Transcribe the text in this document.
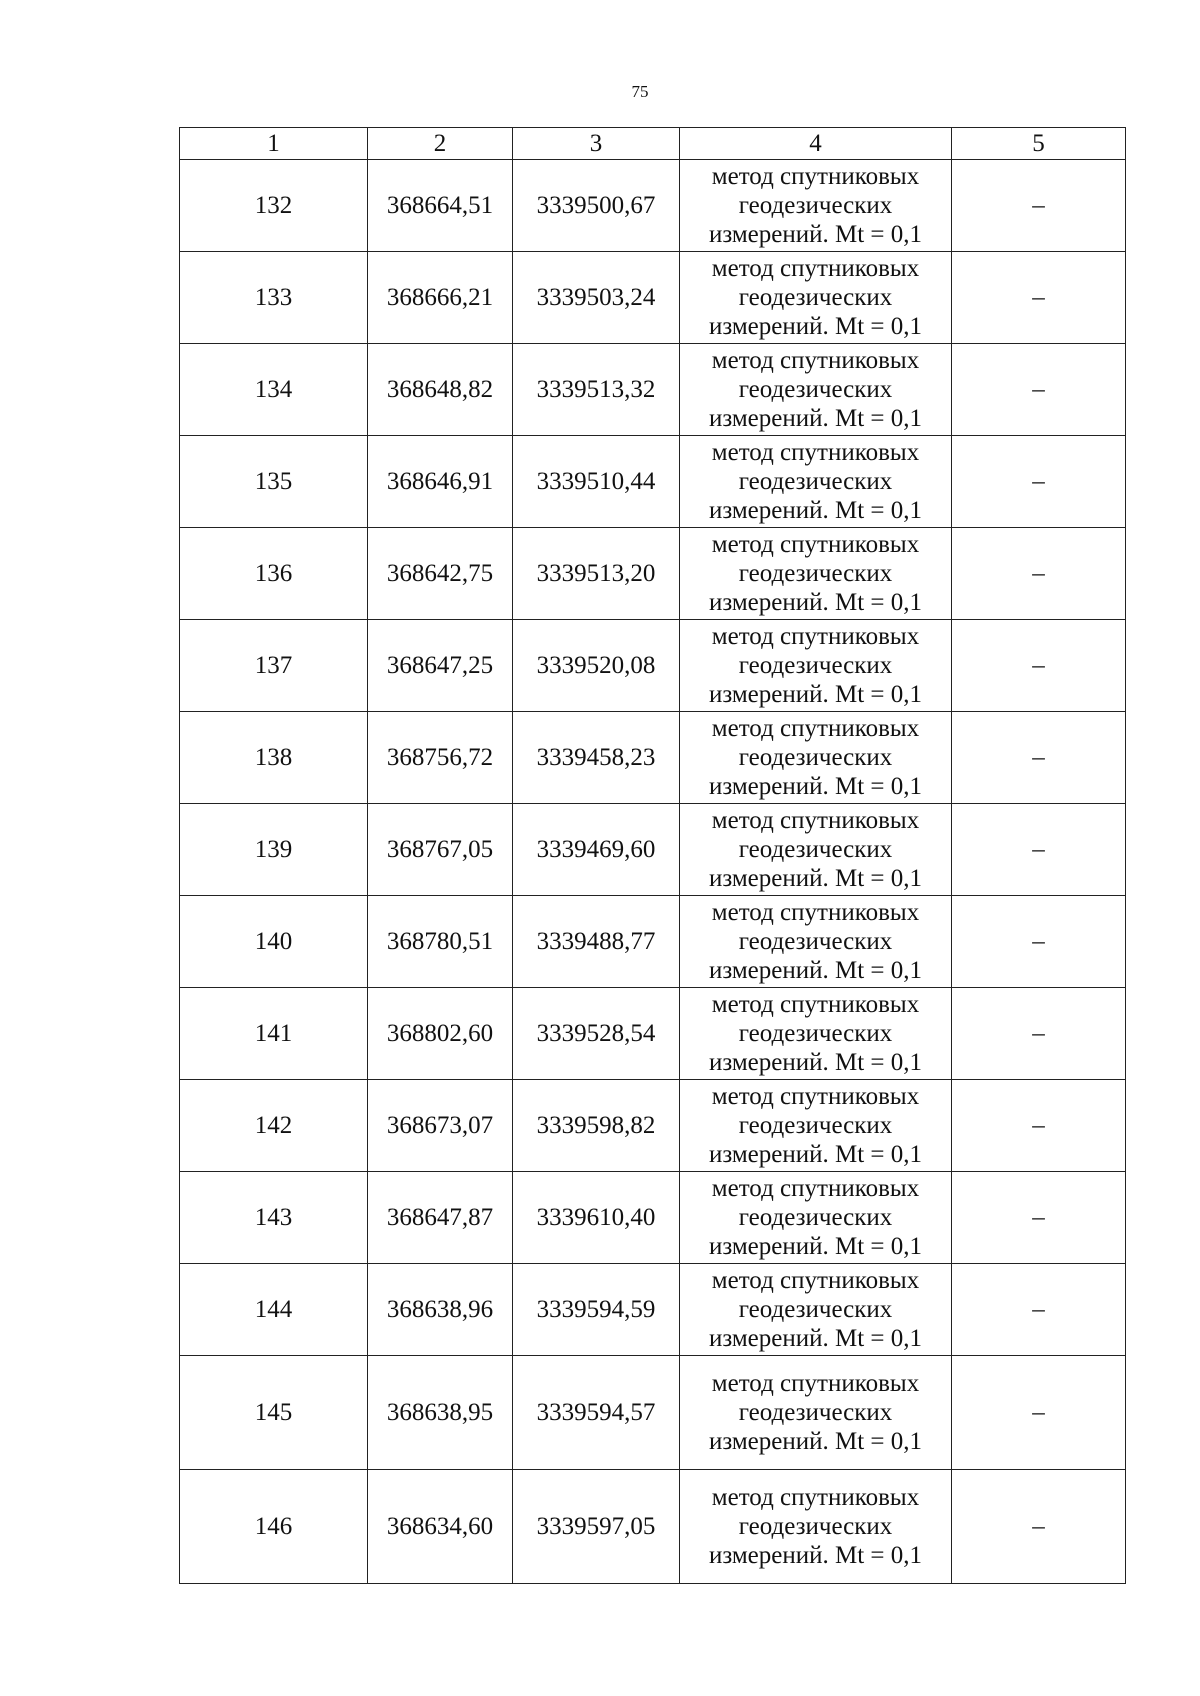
75
1	2	3	4	5
132	368664,51	3339500,67	метод спутниковых
геодезических
измерений. Mt = 0,1	–
133	368666,21	3339503,24	метод спутниковых
геодезических
измерений. Mt = 0,1	–
134	368648,82	3339513,32	метод спутниковых
геодезических
измерений. Mt = 0,1	–
135	368646,91	3339510,44	метод спутниковых
геодезических
измерений. Mt = 0,1	–
136	368642,75	3339513,20	метод спутниковых
геодезических
измерений. Mt = 0,1	–
137	368647,25	3339520,08	метод спутниковых
геодезических
измерений. Mt = 0,1	–
138	368756,72	3339458,23	метод спутниковых
геодезических
измерений. Mt = 0,1	–
139	368767,05	3339469,60	метод спутниковых
геодезических
измерений. Mt = 0,1	–
140	368780,51	3339488,77	метод спутниковых
геодезических
измерений. Mt = 0,1	–
141	368802,60	3339528,54	метод спутниковых
геодезических
измерений. Mt = 0,1	–
142	368673,07	3339598,82	метод спутниковых
геодезических
измерений. Mt = 0,1	–
143	368647,87	3339610,40	метод спутниковых
геодезических
измерений. Mt = 0,1	–
144	368638,96	3339594,59	метод спутниковых
геодезических
измерений. Mt = 0,1	–
145	368638,95	3339594,57	метод спутниковых
геодезических
измерений. Mt = 0,1	–
146	368634,60	3339597,05	метод спутниковых
геодезических
измерений. Mt = 0,1	–
